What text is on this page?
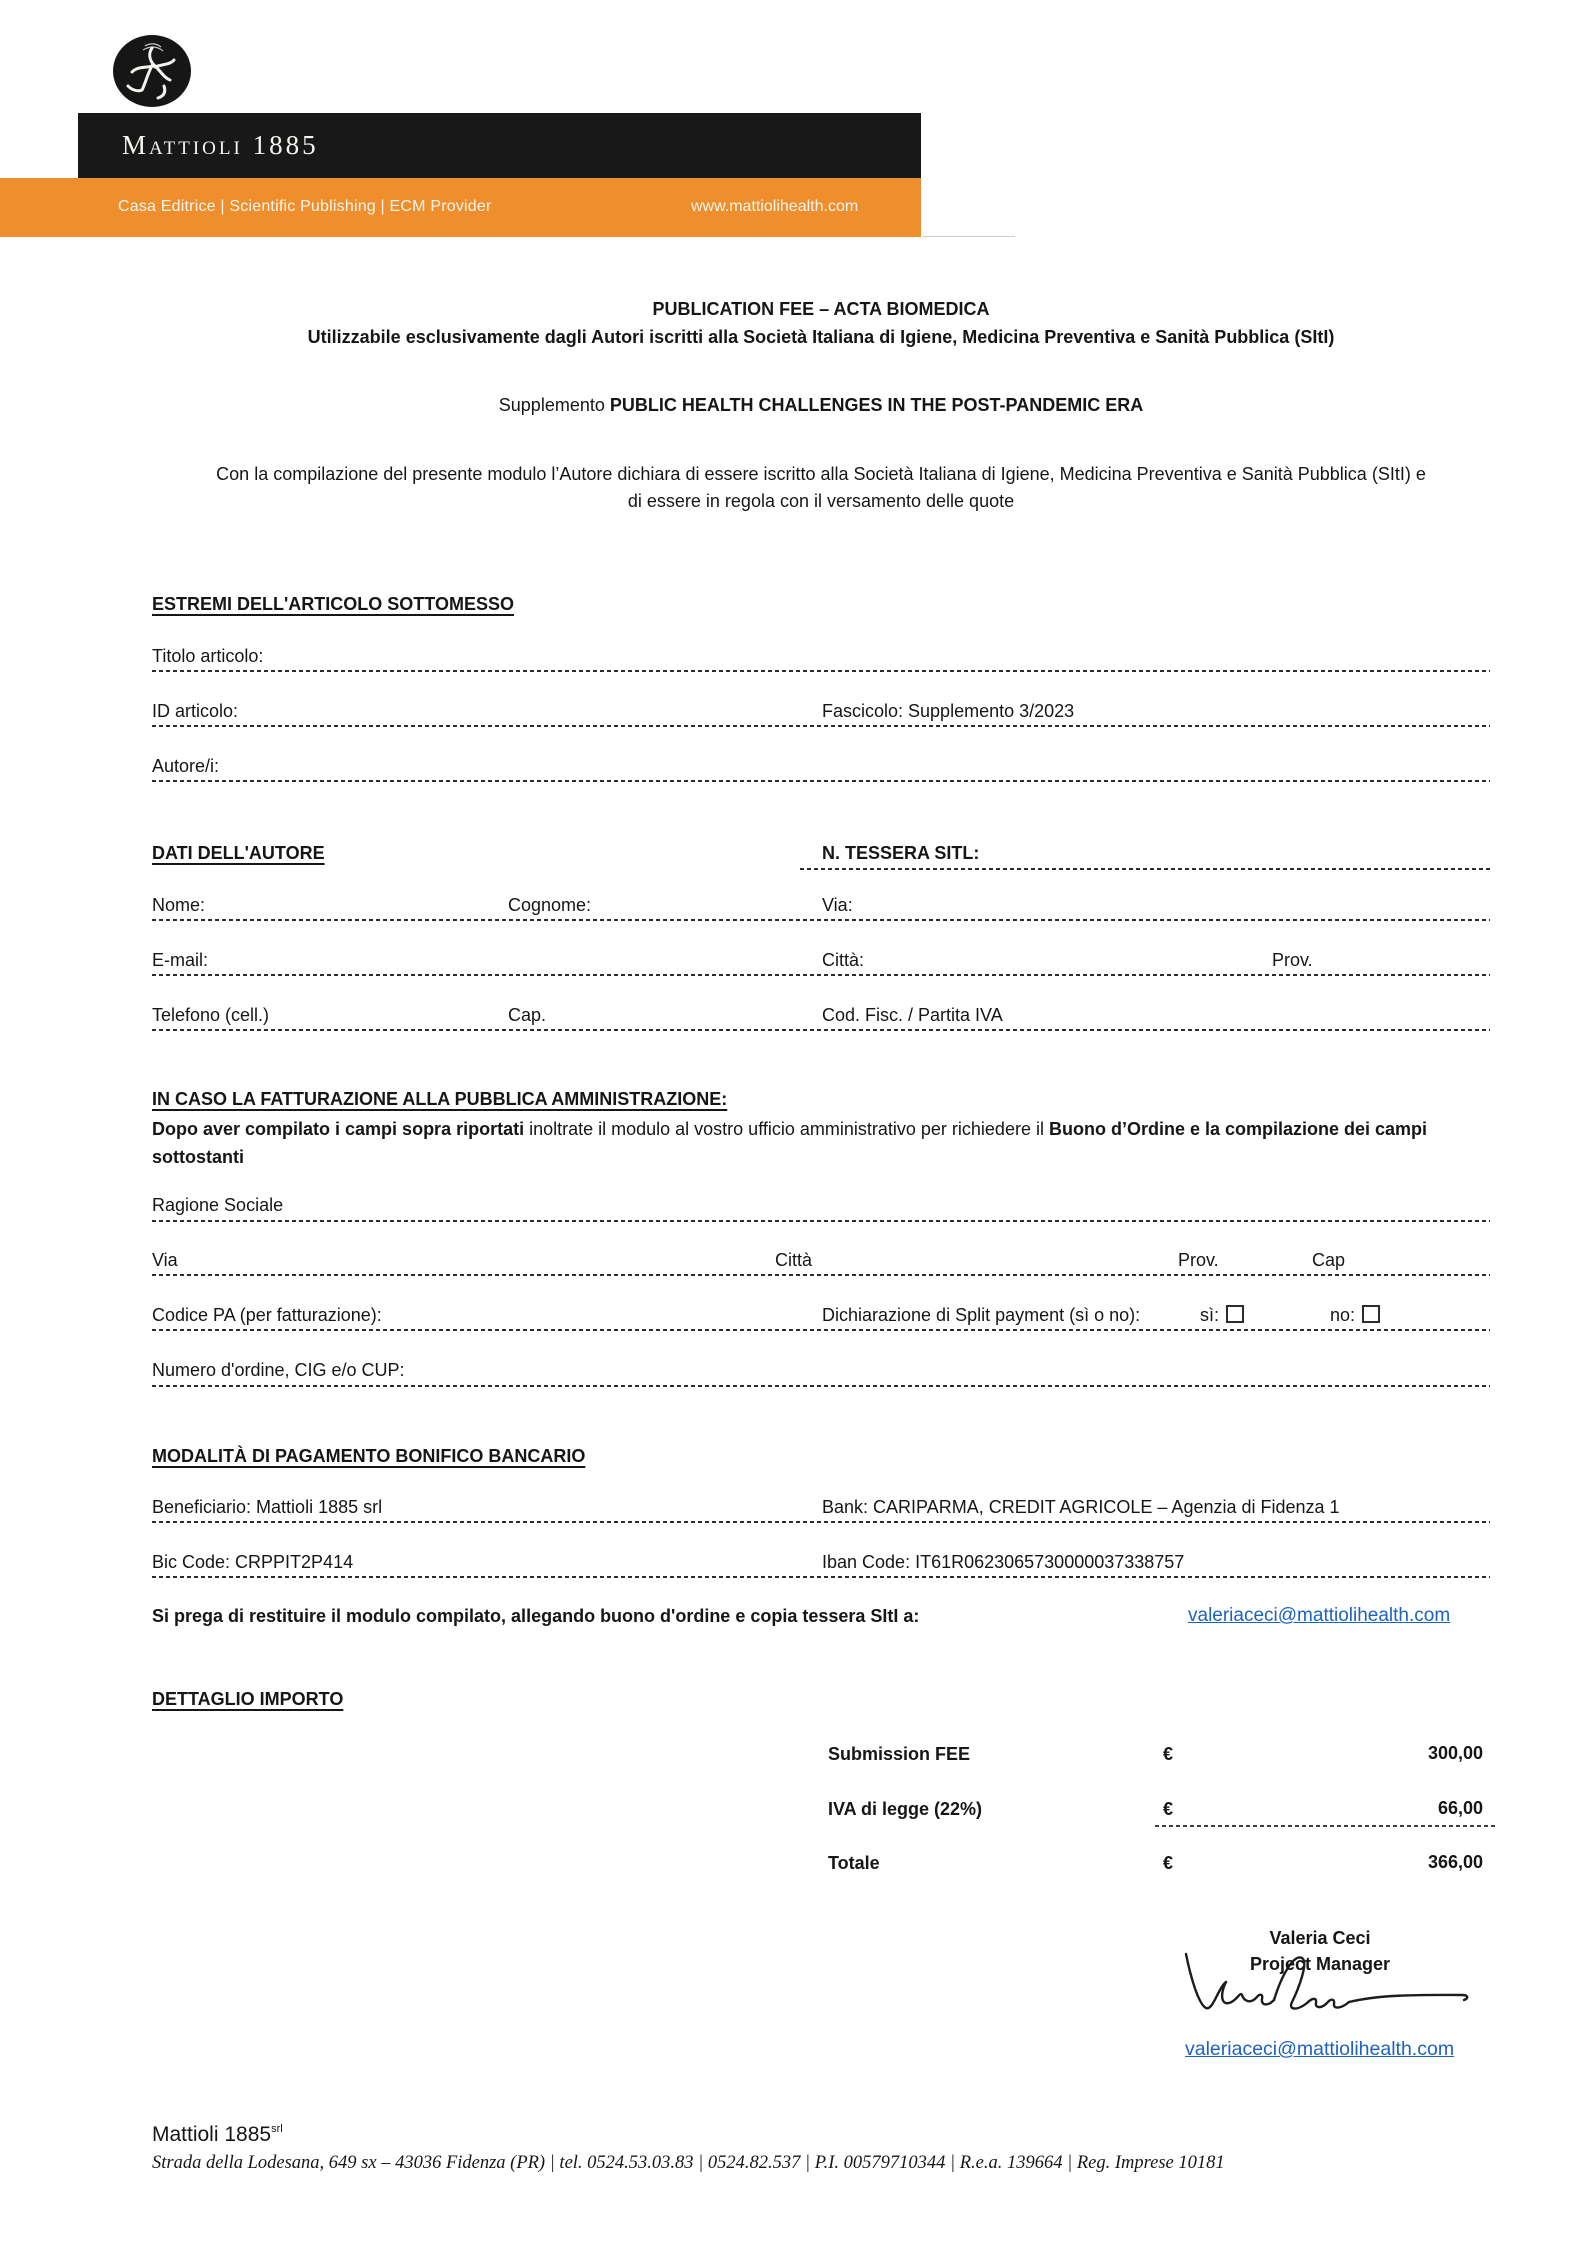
Mattioli 1885
Casa Editrice | Scientific Publishing | ECM Provider	www.mattiolihealth.com
PUBLICATION FEE – ACTA BIOMEDICA
Utilizzabile esclusivamente dagli Autori iscritti alla Società Italiana di Igiene, Medicina Preventiva e Sanità Pubblica (SItI)
Supplemento PUBLIC HEALTH CHALLENGES IN THE POST-PANDEMIC ERA
Con la compilazione del presente modulo l’Autore dichiara di essere iscritto alla Società Italiana di Igiene, Medicina Preventiva e Sanità Pubblica (SItI) e
di essere in regola con il versamento delle quote
ESTREMI DELL'ARTICOLO SOTTOMESSO
Titolo articolo:
ID articolo:	Fascicolo: Supplemento 3/2023
Autore/i:
DATI DELL'AUTORE	N. TESSERA SITL:
Nome:	Cognome:	Via:
E-mail:	Città:	Prov.
Telefono (cell.)	Cap.	Cod. Fisc. / Partita IVA
IN CASO LA FATTURAZIONE ALLA PUBBLICA AMMINISTRAZIONE:
Dopo aver compilato i campi sopra riportati inoltrate il modulo al vostro ufficio amministrativo per richiedere il Buono d’Ordine e la compilazione dei campi
sottostanti
Ragione Sociale
Via	Città	Prov.	Cap
Codice PA (per fatturazione):	Dichiarazione di Split payment (sì o no):	sì:	no:
Numero d'ordine, CIG e/o CUP:
MODALITÀ DI PAGAMENTO BONIFICO BANCARIO
Beneficiario: Mattioli 1885 srl	Bank: CARIPARMA, CREDIT AGRICOLE – Agenzia di Fidenza 1
Bic Code: CRPPIT2P414	Iban Code: IT61R0623065730000037338757
Si prega di restituire il modulo compilato, allegando buono d'ordine e copia tessera SItI a:	valeriaceci@mattiolihealth.com
DETTAGLIO IMPORTO
Submission FEE	€	300,00
IVA di legge (22%)	€	66,00
Totale	€	366,00
Valeria Ceci
Project Manager
valeriaceci@mattiolihealth.com
Mattioli $1885^{srl}$
Strada della Lodesana, 649 sx – 43036 Fidenza (PR) | tel. 0524.53.03.83 | 0524.82.537 | P.I. 00579710344 | R.e.a. 139664 | Reg. Imprese 10181
